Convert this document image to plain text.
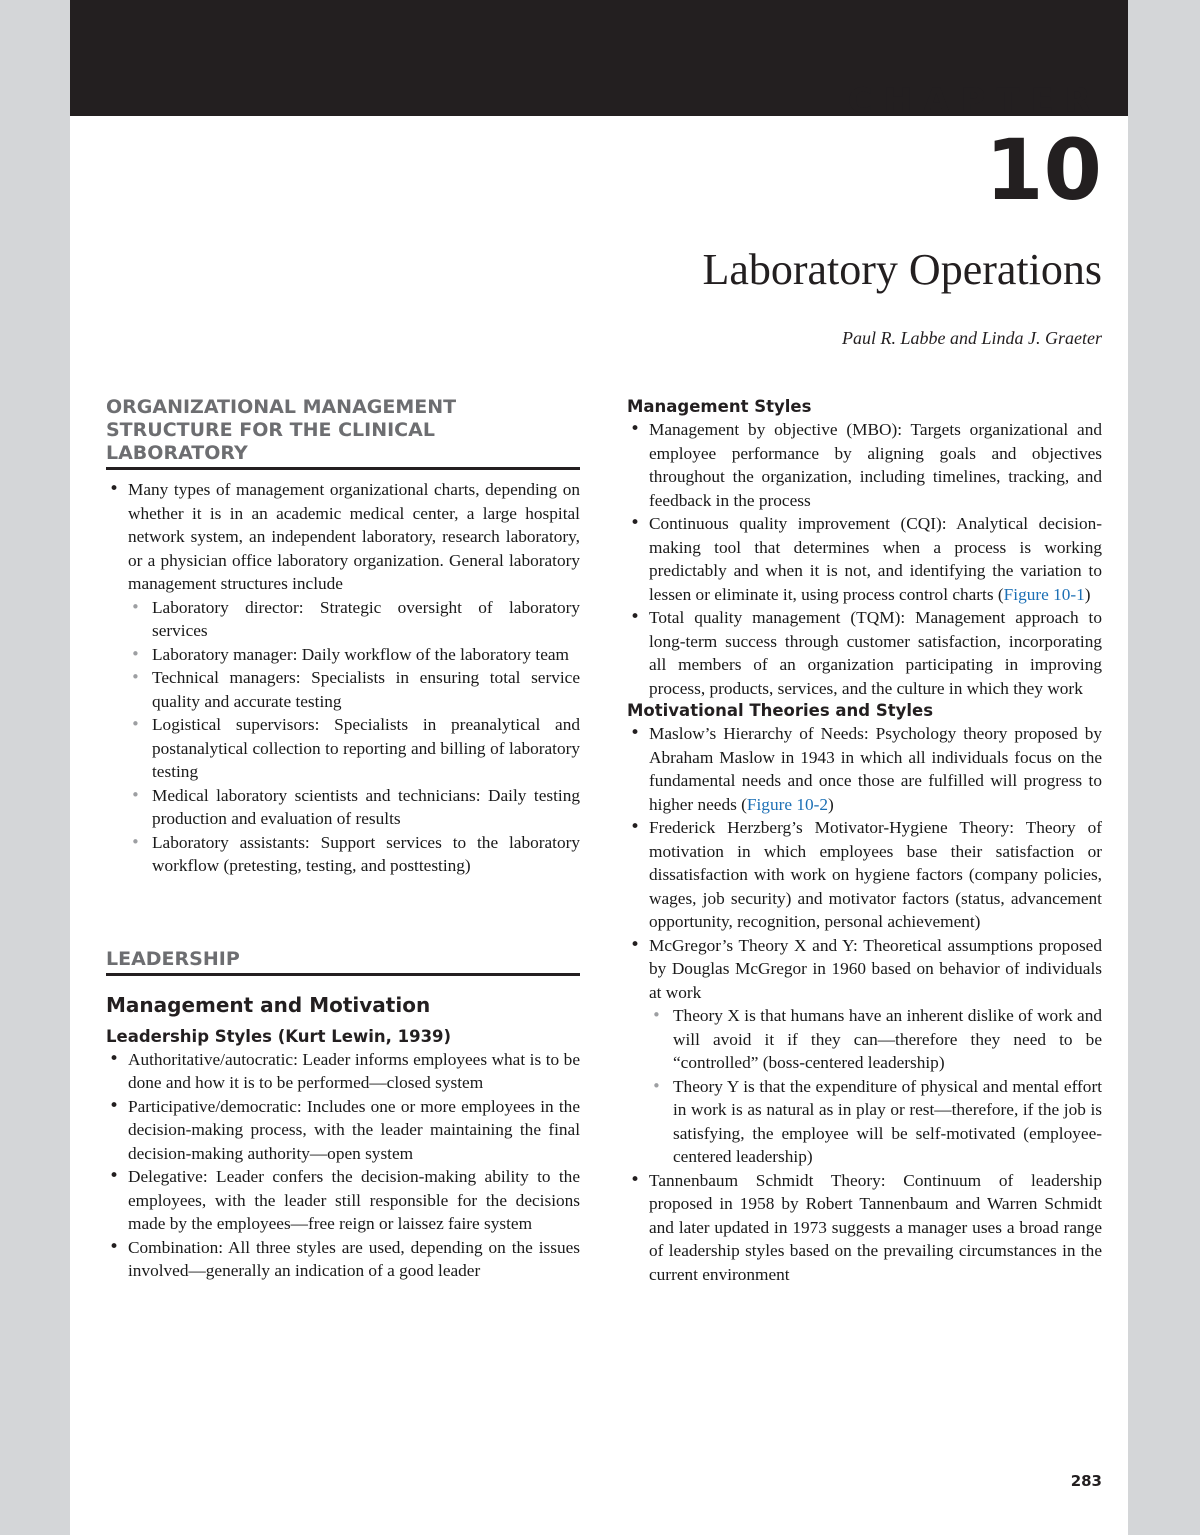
CHAPTER
10
Laboratory Operations
Paul R. Labbe and Linda J. Graeter
ORGANIZATIONAL MANAGEMENT STRUCTURE FOR THE CLINICAL LABORATORY
• Many types of management organizational charts, depending on whether it is in an academic medical center, a large hospital network system, an independent laboratory, research laboratory, or a physician office laboratory organization. General laboratory management structures include
• Laboratory director: Strategic oversight of laboratory services
• Laboratory manager: Daily workflow of the laboratory team
• Technical managers: Specialists in ensuring total service quality and accurate testing
• Logistical supervisors: Specialists in preanalytical and postanalytical collection to reporting and billing of laboratory testing
• Medical laboratory scientists and technicians: Daily testing production and evaluation of results
• Laboratory assistants: Support services to the laboratory workflow (pretesting, testing, and posttesting)
LEADERSHIP
Management and Motivation
Leadership Styles (Kurt Lewin, 1939)
• Authoritative/autocratic: Leader informs employees what is to be done and how it is to be performed—closed system
• Participative/democratic: Includes one or more employees in the decision-making process, with the leader maintaining the final decision-making authority—open system
• Delegative: Leader confers the decision-making ability to the employees, with the leader still responsible for the decisions made by the employees—free reign or laissez faire system
• Combination: All three styles are used, depending on the issues involved—generally an indication of a good leader
Management Styles
• Management by objective (MBO): Targets organizational and employee performance by aligning goals and objectives throughout the organization, including timelines, tracking, and feedback in the process
• Continuous quality improvement (CQI): Analytical decision-making tool that determines when a process is working predictably and when it is not, and identifying the variation to lessen or eliminate it, using process control charts (Figure 10-1)
• Total quality management (TQM): Management approach to long-term success through customer satisfaction, incorporating all members of an organization participating in improving process, products, services, and the culture in which they work
Motivational Theories and Styles
• Maslow’s Hierarchy of Needs: Psychology theory proposed by Abraham Maslow in 1943 in which all individuals focus on the fundamental needs and once those are fulfilled will progress to higher needs (Figure 10-2)
• Frederick Herzberg’s Motivator-Hygiene Theory: Theory of motivation in which employees base their satisfaction or dissatisfaction with work on hygiene factors (company policies, wages, job security) and motivator factors (status, advancement opportunity, recognition, personal achievement)
• McGregor’s Theory X and Y: Theoretical assumptions proposed by Douglas McGregor in 1960 based on behavior of individuals at work
• Theory X is that humans have an inherent dislike of work and will avoid it if they can—therefore they need to be “controlled” (boss-centered leadership)
• Theory Y is that the expenditure of physical and mental effort in work is as natural as in play or rest—therefore, if the job is satisfying, the employee will be self-motivated (employee-centered leadership)
• Tannenbaum Schmidt Theory: Continuum of leadership proposed in 1958 by Robert Tannenbaum and Warren Schmidt and later updated in 1973 suggests a manager uses a broad range of leadership styles based on the prevailing circumstances in the current environment
283
